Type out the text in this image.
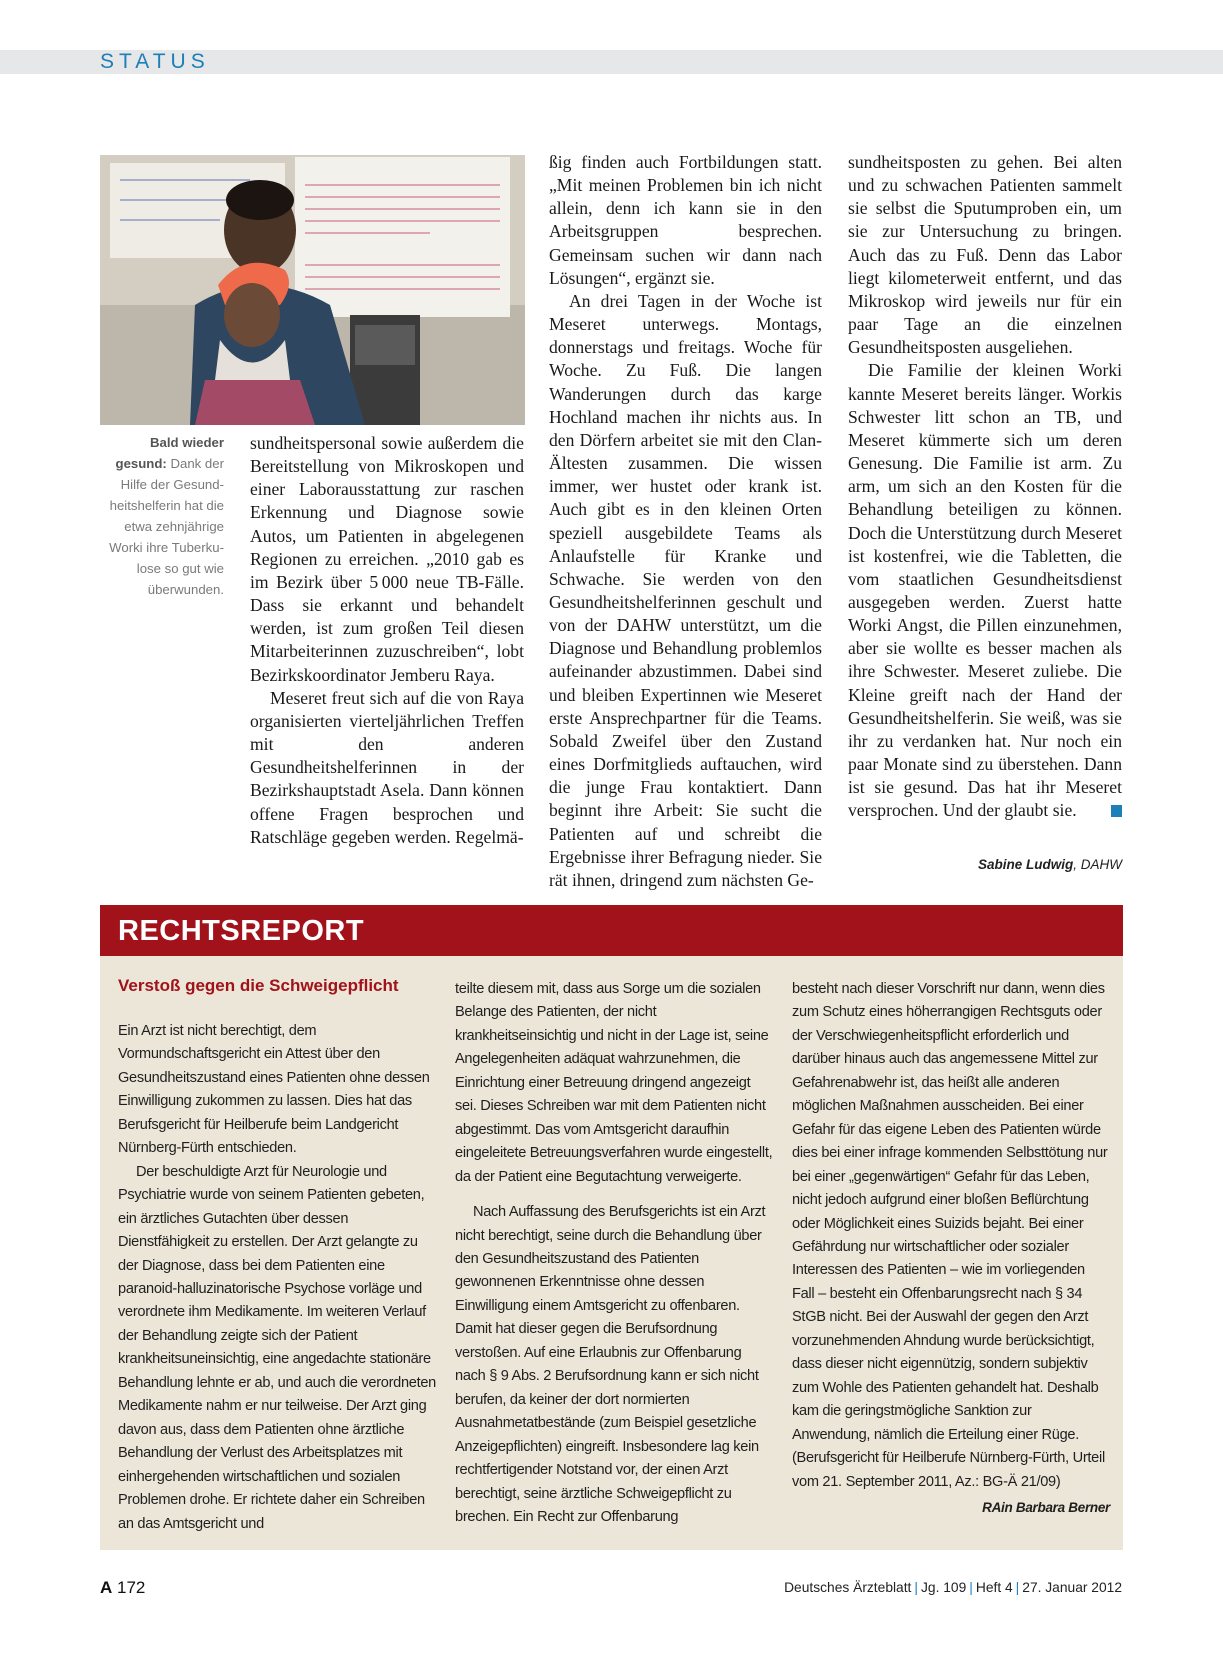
STATUS
Bald wieder gesund: Dank der Hilfe der Gesundheitshelferin hat die etwa zehnjährige Worki ihre Tuberkulose so gut wie überwunden.

sundheitspersonal sowie außerdem die Bereitstellung von Mikroskopen und einer Laborausstattung zur raschen Erkennung und Diagnose sowie Autos, um Patienten in abgelegenen Regionen zu erreichen. „2010 gab es im Bezirk über 5 000 neue TB-Fälle. Dass sie erkannt und behandelt werden, ist zum großen Teil diesen Mitarbeiterinnen zuzuschreiben“, lobt Bezirkskoordinator Jemberu Raya.

Meseret freut sich auf die von Raya organisierten vierteljährlichen Treffen mit den anderen Gesundheitshelferinnen in der Bezirkshauptstadt Asela. Dann können offene Fragen besprochen und Ratschläge gegeben werden. Regelmä-

ßig finden auch Fortbildungen statt. „Mit meinen Problemen bin ich nicht allein, denn ich kann sie in den Arbeitsgruppen besprechen. Gemeinsam suchen wir dann nach Lösungen“, ergänzt sie.

An drei Tagen in der Woche ist Meseret unterwegs. Montags, donnerstags und freitags. Woche für Woche. Zu Fuß. Die langen Wanderungen durch das karge Hochland machen ihr nichts aus. In den Dörfern arbeitet sie mit den Clan-Ältesten zusammen. Die wissen immer, wer hustet oder krank ist. Auch gibt es in den kleinen Orten speziell ausgebildete Teams als Anlaufstelle für Kranke und Schwache. Sie werden von den Gesundheitshelferinnen geschult und von der DAHW unterstützt, um die Diagnose und Behandlung problemlos aufeinander abzustimmen. Dabei sind und bleiben Expertinnen wie Meseret erste Ansprechpartner für die Teams. Sobald Zweifel über den Zustand eines Dorfmitglieds auftauchen, wird die junge Frau kontaktiert. Dann beginnt ihre Arbeit: Sie sucht die Patienten auf und schreibt die Ergebnisse ihrer Befragung nieder. Sie rät ihnen, dringend zum nächsten Ge-

sundheitsposten zu gehen. Bei alten und zu schwachen Patienten sammelt sie selbst die Sputumproben ein, um sie zur Untersuchung zu bringen. Auch das zu Fuß. Denn das Labor liegt kilometerweit entfernt, und das Mikroskop wird jeweils nur für ein paar Tage an die einzelnen Gesundheitsposten ausgeliehen.

Die Familie der kleinen Worki kannte Meseret bereits länger. Workis Schwester litt schon an TB, und Meseret kümmerte sich um deren Genesung. Die Familie ist arm. Zu arm, um sich an den Kosten für die Behandlung beteiligen zu können. Doch die Unterstützung durch Meseret ist kostenfrei, wie die Tabletten, die vom staatlichen Gesundheitsdienst ausgegeben werden. Zuerst hatte Worki Angst, die Pillen einzunehmen, aber sie wollte es besser machen als ihre Schwester. Meseret zuliebe. Die Kleine greift nach der Hand der Gesundheitshelferin. Sie weiß, was sie ihr zu verdanken hat. Nur noch ein paar Monate sind zu überstehen. Dann ist sie gesund. Das hat ihr Meseret versprochen. Und der glaubt sie.

Sabine Ludwig, DAHW
RECHTSREPORT
Verstoß gegen die Schweigepflicht

Ein Arzt ist nicht berechtigt, dem Vormundschaftsgericht ein Attest über den Gesundheitszustand eines Patienten ohne dessen Einwilligung zukommen zu lassen. Dies hat das Berufsgericht für Heilberufe beim Landgericht Nürnberg-Fürth entschieden.

Der beschuldigte Arzt für Neurologie und Psychiatrie wurde von seinem Patienten gebeten, ein ärztliches Gutachten über dessen Dienstfähigkeit zu erstellen. Der Arzt gelangte zu der Diagnose, dass bei dem Patienten eine paranoid-halluzinatorische Psychose vorläge und verordnete ihm Medikamente. Im weiteren Verlauf der Behandlung zeigte sich der Patient krankheitsuneinsichtig, eine angedachte stationäre Behandlung lehnte er ab, und auch die verordneten Medikamente nahm er nur teilweise. Der Arzt ging davon aus, dass dem Patienten ohne ärztliche Behandlung der Verlust des Arbeitsplatzes mit einhergehenden wirtschaftlichen und sozialen Problemen drohe. Er richtete daher ein Schreiben an das Amtsgericht und

teilte diesem mit, dass aus Sorge um die sozialen Belange des Patienten, der nicht krankheitseinsichtig und nicht in der Lage ist, seine Angelegenheiten adäquat wahrzunehmen, die Einrichtung einer Betreuung dringend angezeigt sei. Dieses Schreiben war mit dem Patienten nicht abgestimmt. Das vom Amtsgericht daraufhin eingeleitete Betreuungsverfahren wurde eingestellt, da der Patient eine Begutachtung verweigerte.

Nach Auffassung des Berufsgerichts ist ein Arzt nicht berechtigt, seine durch die Behandlung über den Gesundheitszustand des Patienten gewonnenen Erkenntnisse ohne dessen Einwilligung einem Amtsgericht zu offenbaren. Damit hat dieser gegen die Berufsordnung verstoßen. Auf eine Erlaubnis zur Offenbarung nach § 9 Abs. 2 Berufsordnung kann er sich nicht berufen, da keiner der dort normierten Ausnahmetatbestände (zum Beispiel gesetzliche Anzeigepflichten) eingreift. Insbesondere lag kein rechtfertigender Notstand vor, der einen Arzt berechtigt, seine ärztliche Schweigepflicht zu brechen. Ein Recht zur Offenbarung

besteht nach dieser Vorschrift nur dann, wenn dies zum Schutz eines höherrangigen Rechtsguts oder der Verschwiegenheitspflicht erforderlich und darüber hinaus auch das angemessene Mittel zur Gefahrenabwehr ist, das heißt alle anderen möglichen Maßnahmen ausscheiden. Bei einer Gefahr für das eigene Leben des Patienten würde dies bei einer infrage kommenden Selbsttötung nur bei einer „gegenwärtigen“ Gefahr für das Leben, nicht jedoch aufgrund einer bloßen Beflürchtung oder Möglichkeit eines Suizids bejaht. Bei einer Gefährdung nur wirtschaftlicher oder sozialer Interessen des Patienten – wie im vorliegenden Fall – besteht ein Offenbarungsrecht nach § 34 StGB nicht. Bei der Auswahl der gegen den Arzt vorzunehmenden Ahndung wurde berücksichtigt, dass dieser nicht eigennützig, sondern subjektiv zum Wohle des Patienten gehandelt hat. Deshalb kam die geringstmögliche Sanktion zur Anwendung, nämlich die Erteilung einer Rüge. (Berufsgericht für Heilberufe Nürnberg-Fürth, Urteil vom 21. September 2011, Az.: BG-Ä 21/09)
RAin Barbara Berner

A 172	Deutsches Ärzteblatt | Jg. 109 | Heft 4 | 27. Januar 2012
